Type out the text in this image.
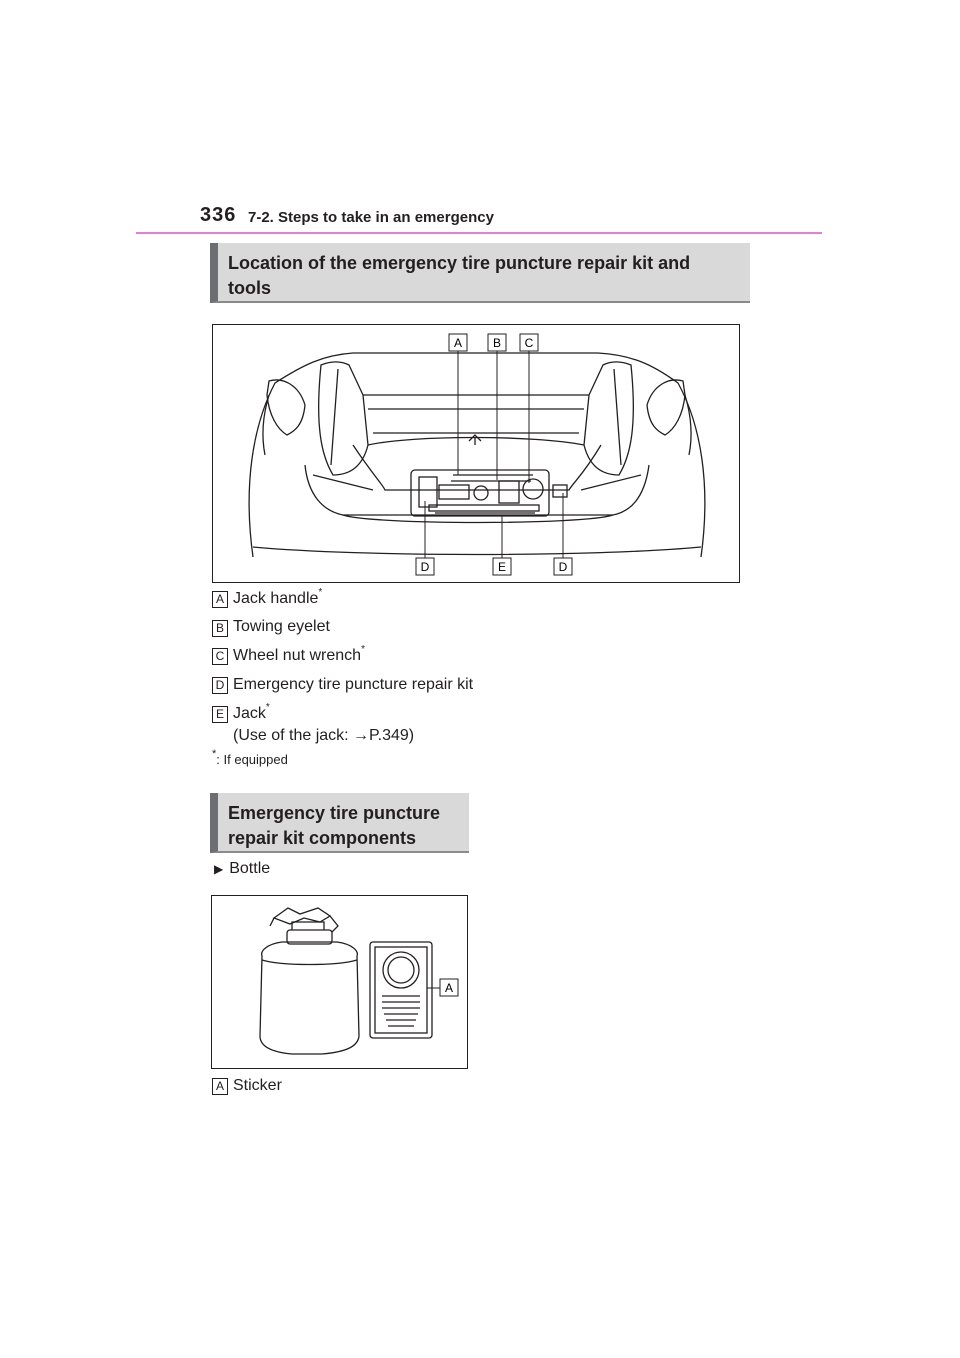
336 7-2. Steps to take in an emergency
Location of the emergency tire puncture repair kit and
tools
A	B C
D	E	D
A Jack handle*
B Towing eyelet
C Wheel nut wrench*
D Emergency tire puncture repair kit
E Jack*
(Use of the jack: →P.349)
*: If equipped
Emergency tire puncture
repair kit components
▶ Bottle
A
A Sticker
